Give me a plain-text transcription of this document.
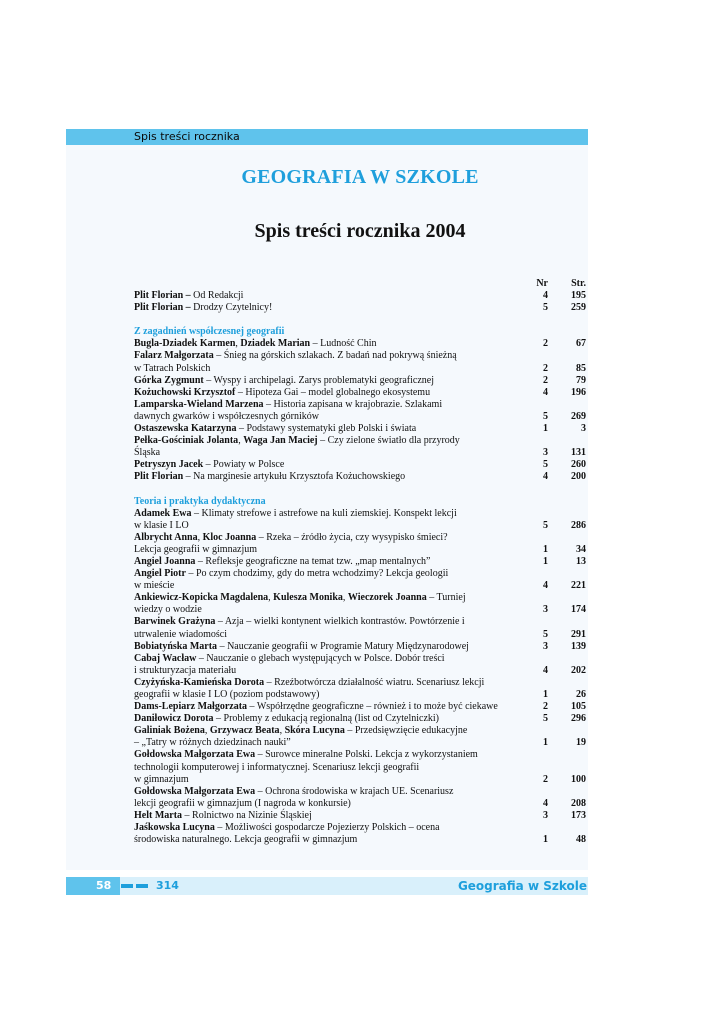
Spis treści rocznika
GEOGRAFIA W SZKOLE
Spis treści rocznika 2004
Nr	Str.
Plit Florian – Od Redakcji	4	195
Plit Florian – Drodzy Czytelnicy!	5	259
Z zagadnień współczesnej geografii
Bugla-Dziadek Karmen, Dziadek Marian – Ludność Chin	2	67
Falarz Małgorzata – Śnieg na górskich szlakach. Z badań nad pokrywą śnieżną
w Tatrach Polskich	2	85
Górka Zygmunt – Wyspy i archipelagi. Zarys problematyki geograficznej	2	79
Kożuchowski Krzysztof – Hipoteza Gai – model globalnego ekosystemu	4	196
Lamparska-Wieland Marzena – Historia zapisana w krajobrazie. Szlakami
dawnych gwarków i współczesnych górników	5	269
Ostaszewska Katarzyna – Podstawy systematyki gleb Polski i świata	1	3
Pełka-Gościniak Jolanta, Waga Jan Maciej – Czy zielone światło dla przyrody
Śląska	3	131
Petryszyn Jacek – Powiaty w Polsce	5	260
Plit Florian – Na marginesie artykułu Krzysztofa Kożuchowskiego	4	200
Teoria i praktyka dydaktyczna
Adamek Ewa – Klimaty strefowe i astrefowe na kuli ziemskiej. Konspekt lekcji
w klasie I LO	5	286
Albrycht Anna, Kloc Joanna – Rzeka – źródło życia, czy wysypisko śmieci?
Lekcja geografii w gimnazjum	1	34
Angiel Joanna – Refleksje geograficzne na temat tzw. „map mentalnych”	1	13
Angiel Piotr – Po czym chodzimy, gdy do metra wchodzimy? Lekcja geologii
w mieście	4	221
Ankiewicz-Kopicka Magdalena, Kulesza Monika, Wieczorek Joanna – Turniej
wiedzy o wodzie	3	174
Barwinek Grażyna – Azja – wielki kontynent wielkich kontrastów. Powtórzenie i
utrwalenie wiadomości	5	291
Bobiatyńska Marta – Nauczanie geografii w Programie Matury Międzynarodowej	3	139
Cabaj Wacław – Nauczanie o glebach występujących w Polsce. Dobór treści
i strukturyzacja materiału	4	202
Czyżyńska-Kamieńska Dorota – Rzeźbotwórcza działalność wiatru. Scenariusz lekcji
geografii w klasie I LO (poziom podstawowy)	1	26
Dams-Lepiarz Małgorzata – Współrzędne geograficzne – również i to może być ciekawe	2	105
Daniłowicz Dorota – Problemy z edukacją regionalną (list od Czytelniczki)	5	296
Galiniak Bożena, Grzywacz Beata, Skóra Lucyna – Przedsięwzięcie edukacyjne
– „Tatry w różnych dziedzinach nauki”	1	19
Gołdowska Małgorzata Ewa – Surowce mineralne Polski. Lekcja z wykorzystaniem
technologii komputerowej i informatycznej. Scenariusz lekcji geografii
w gimnazjum	2	100
Gołdowska Małgorzata Ewa – Ochrona środowiska w krajach UE. Scenariusz
lekcji geografii w gimnazjum (I nagroda w konkursie)	4	208
Helt Marta – Rolnictwo na Nizinie Śląskiej	3	173
Jaśkowska Lucyna – Możliwości gospodarcze Pojezierzy Polskich – ocena
środowiska naturalnego. Lekcja geografii w gimnazjum	1	48
58	314	Geografia w Szkole
